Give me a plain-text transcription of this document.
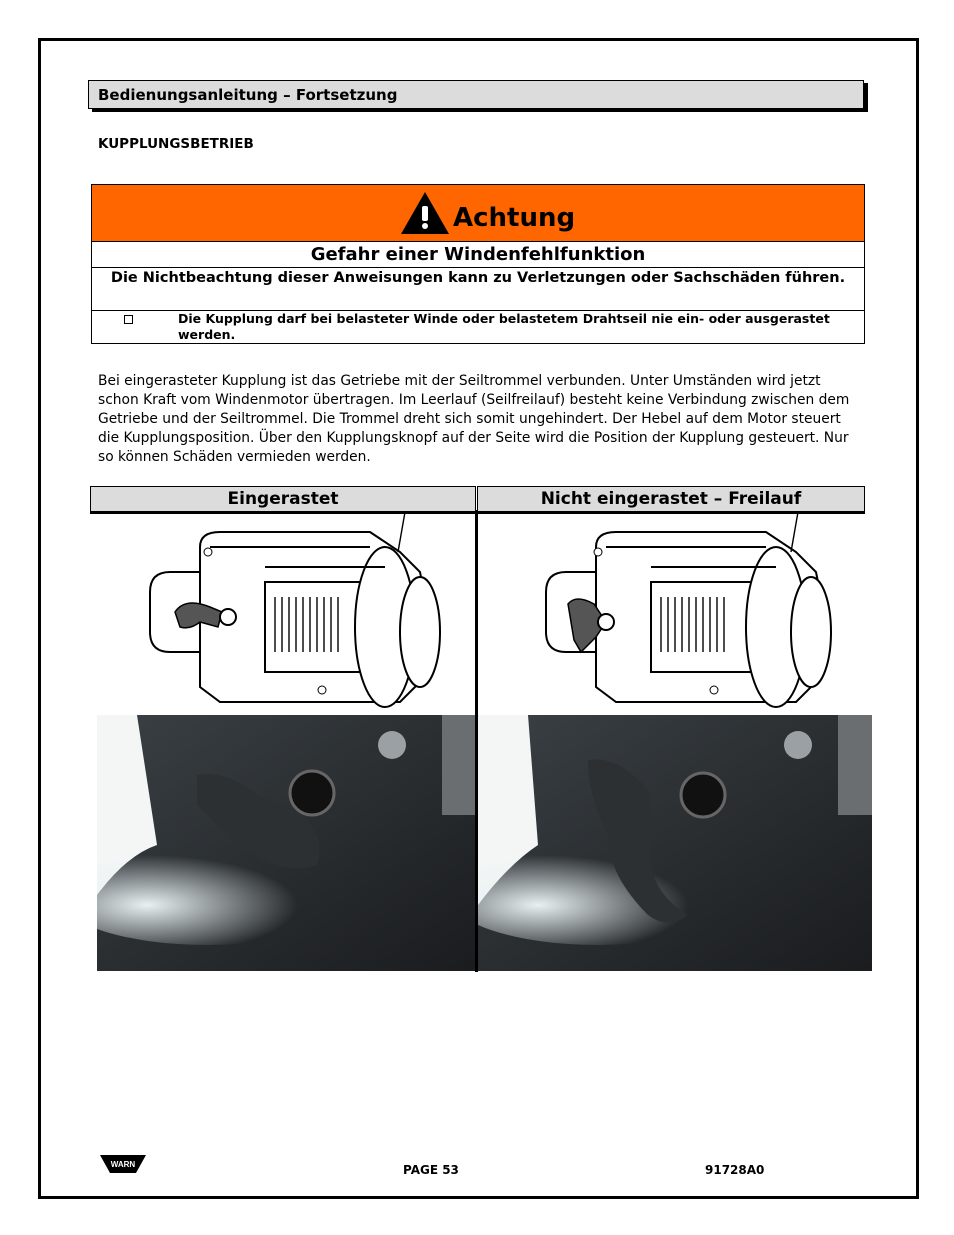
Bedienungsanleitung – Fortsetzung
KUPPLUNGSBETRIEB
Achtung
Gefahr einer Windenfehlfunktion
Die Nichtbeachtung dieser Anweisungen kann zu Verletzungen oder Sachschäden führen.
Die Kupplung darf bei belasteter Winde oder belastetem Drahtseil nie ein- oder ausgerastet werden.
Bei eingerasteter Kupplung ist das Getriebe mit der Seiltrommel verbunden. Unter Umständen wird jetzt schon Kraft vom Windenmotor übertragen. Im Leerlauf (Seilfreilauf) besteht keine Verbindung zwischen dem Getriebe und der Seiltrommel. Die Trommel dreht sich somit ungehindert. Der Hebel auf dem Motor steuert die Kupplungsposition. Über den Kupplungsknopf auf der Seite wird die Position der Kupplung gesteuert. Nur so können Schäden vermieden werden.
Eingerastet	Nicht eingerastet – Freilauf
WARN	PAGE 53	91728A0
